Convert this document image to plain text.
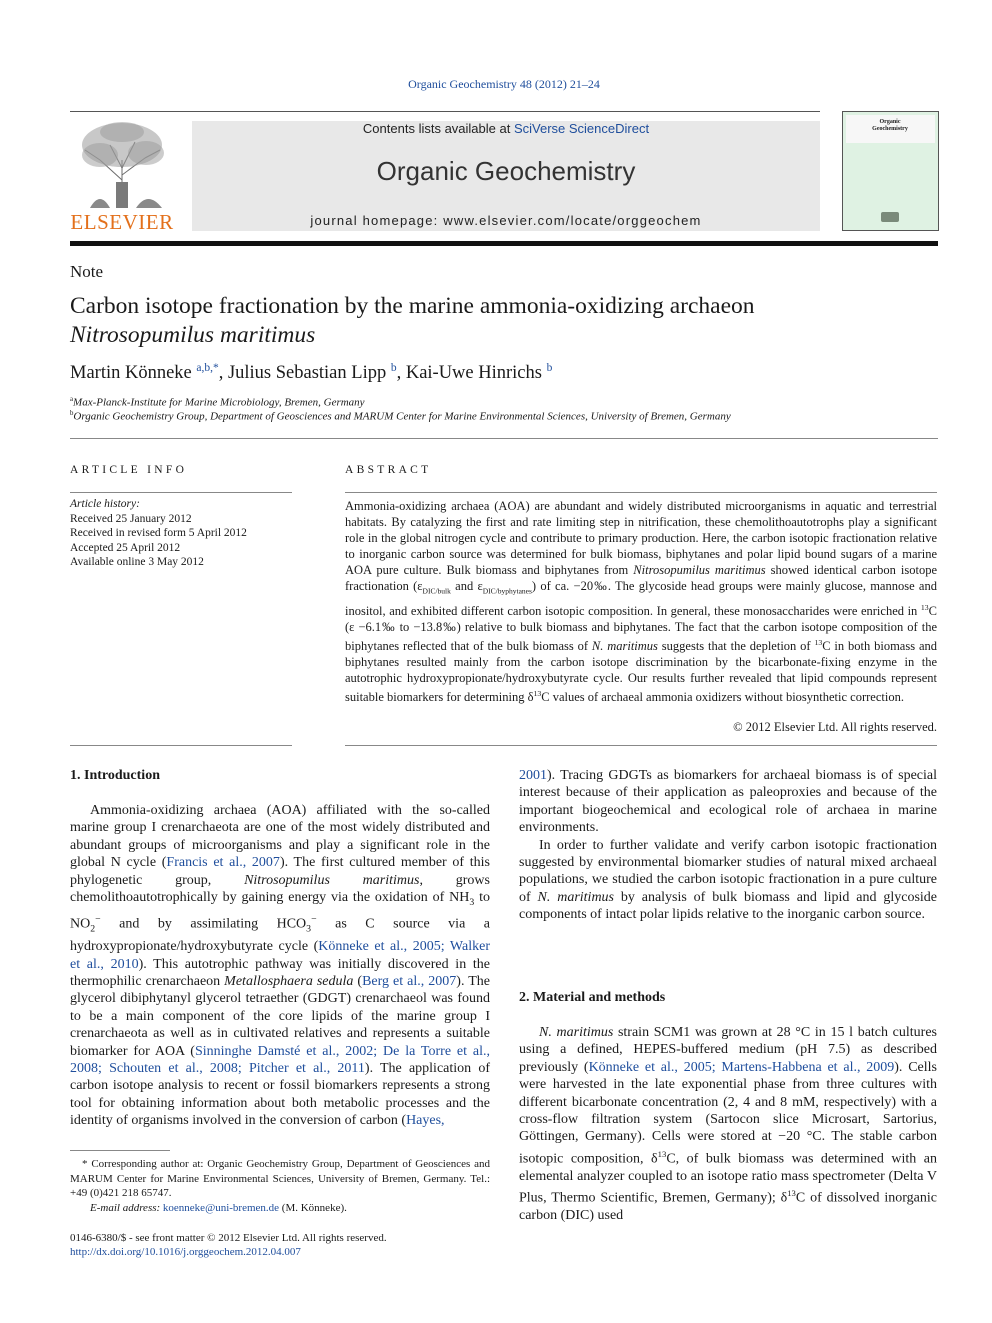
Organic Geochemistry 48 (2012) 21–24
ELSEVIER
Contents lists available at SciVerse ScienceDirect
Organic Geochemistry
journal homepage: www.elsevier.com/locate/orggeochem
Organic Geochemistry
Note
Carbon isotope fractionation by the marine ammonia-oxidizing archaeon
Nitrosopumilus maritimus
Martin Könneke $^{a,b,*}$, Julius Sebastian Lipp $^b$, Kai-Uwe Hinrichs $^b$
$^a$Max-Planck-Institute for Marine Microbiology, Bremen, Germany
$^b$Organic Geochemistry Group, Department of Geosciences and MARUM Center for Marine Environmental Sciences, University of Bremen, Germany
ARTICLE INFO
Article history:
Received 25 January 2012
Received in revised form 5 April 2012
Accepted 25 April 2012
Available online 3 May 2012
ABSTRACT
Ammonia-oxidizing archaea (AOA) are abundant and widely distributed microorganisms in aquatic and terrestrial habitats. By catalyzing the first and rate limiting step in nitrification, these chemolithoautotrophs play a significant role in the global nitrogen cycle and contribute to primary production. Here, the carbon isotopic fractionation relative to inorganic carbon source was determined for bulk biomass, biphytanes and polar lipid bound sugars of a marine AOA pure culture. Bulk biomass and biphytanes from Nitrosopumilus maritimus showed identical carbon isotope fractionation ($\varepsilon_{DIC/bulk}$ and $\varepsilon_{DIC/byphytanes}$) of ca. −20‰. The glycoside head groups were mainly glucose, mannose and inositol, and exhibited different carbon isotopic composition. In general, these monosaccharides were enriched in $^{13}$C (ε −6.1‰ to −13.8‰) relative to bulk biomass and biphytanes. The fact that the carbon isotope composition of the biphytanes reflected that of the bulk biomass of N. maritimus suggests that the depletion of $^{13}$C in both biomass and biphytanes resulted mainly from the carbon isotope discrimination by the bicarbonate-fixing enzyme in the autotrophic hydroxypropionate/hydroxybutyrate cycle. Our results further revealed that lipid compounds represent suitable biomarkers for determining $\delta^{13}C$ values of archaeal ammonia oxidizers without biosynthetic correction.
© 2012 Elsevier Ltd. All rights reserved.
1. Introduction
Ammonia-oxidizing archaea (AOA) affiliated with the so-called marine group I crenarchaeota are one of the most widely distributed and abundant groups of microorganisms and play a significant role in the global N cycle (Francis et al., 2007). The first cultured member of this phylogenetic group, Nitrosopumilus maritimus, grows chemolithoautotrophically by gaining energy via the oxidation of $NH_3$ to $NO_2^-$ and by assimilating $HCO_3^-$ as C source via a hydroxypropionate/hydroxybutyrate cycle (Könneke et al., 2005; Walker et al., 2010). This autotrophic pathway was initially discovered in the thermophilic crenarchaeon Metallosphaera sedula (Berg et al., 2007). The glycerol dibiphytanyl glycerol tetraether (GDGT) crenarchaeol was found to be a main component of the core lipids of the marine group I crenarchaeota as well as in cultivated relatives and represents a suitable biomarker for AOA (Sinninghe Damsté et al., 2002; De la Torre et al., 2008; Schouten et al., 2008; Pitcher et al., 2011). The application of carbon isotope analysis to recent or fossil biomarkers represents a strong tool for obtaining information about both metabolic processes and the identity of organisms involved in the conversion of carbon (Hayes,
* Corresponding author at: Organic Geochemistry Group, Department of Geosciences and MARUM Center for Marine Environmental Sciences, University of Bremen, Germany. Tel.: +49 (0)421 218 65747.
E-mail address: koenneke@uni-bremen.de (M. Könneke).
0146-6380/$ - see front matter © 2012 Elsevier Ltd. All rights reserved.
http://dx.doi.org/10.1016/j.orggeochem.2012.04.007

2001). Tracing GDGTs as biomarkers for archaeal biomass is of special interest because of their application as paleoproxies and because of the important biogeochemical and ecological role of archaea in marine environments.

In order to further validate and verify carbon isotopic fractionation suggested by environmental biomarker studies of natural mixed archaeal populations, we studied the carbon isotopic fractionation in a pure culture of N. maritimus by analysis of bulk biomass and lipid and glycoside components of intact polar lipids relative to the inorganic carbon source.

2. Material and methods
N. maritimus strain SCM1 was grown at 28 °C in 15 l batch cultures using a defined, HEPES-buffered medium (pH 7.5) as described previously (Könneke et al., 2005; Martens-Habbena et al., 2009). Cells were harvested in the late exponential phase from three cultures with different bicarbonate concentration (2, 4 and 8 mM, respectively) with a cross-flow filtration system (Sartocon slice Microsart, Sartorius, Göttingen, Germany). Cells were stored at −20 °C. The stable carbon isotopic composition, $\delta^{13}C$, of bulk biomass was determined with an elemental analyzer coupled to an isotope ratio mass spectrometer (Delta V Plus, Thermo Scientific, Bremen, Germany); $\delta^{13}C$ of dissolved inorganic carbon (DIC) used
